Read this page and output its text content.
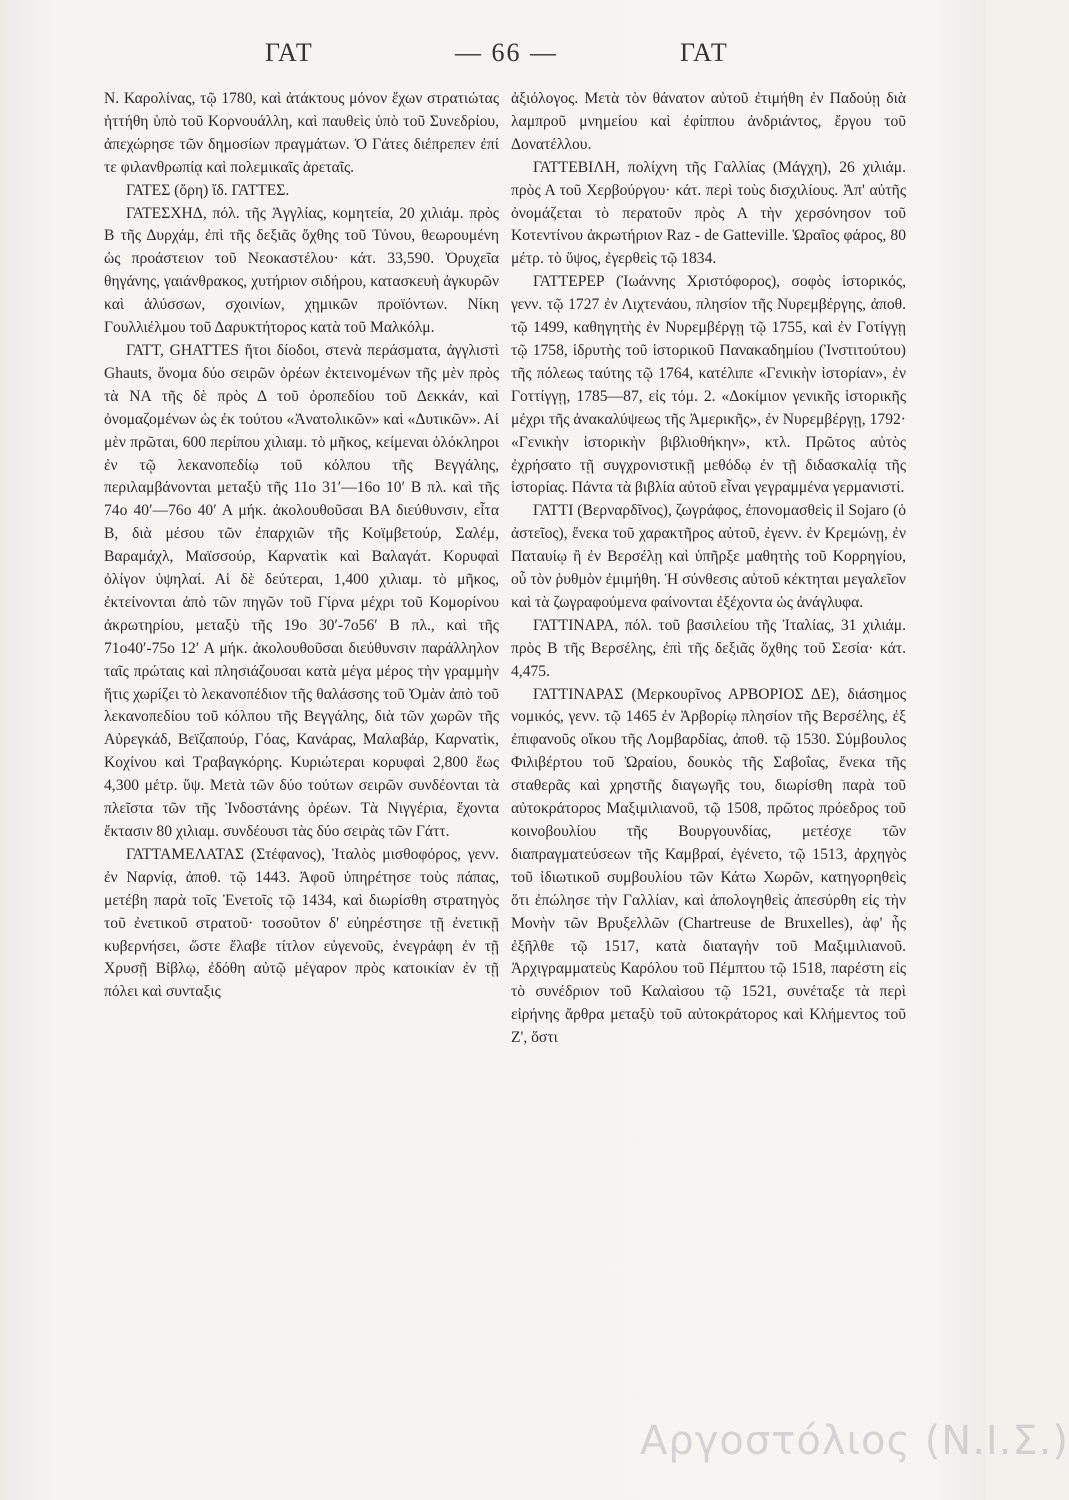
ΓΑΤ	— 66 —	ΓΑΤ

Ν. Καρολίνας, τῷ 1780, καὶ ἀτάκτους μόνον ἔχων στρατιώτας ἡττήθη ὑπὸ τοῦ Κορνουάλλη, καὶ παυθεὶς ὑπὸ τοῦ Συνεδρίου, ἀπεχώρησε τῶν δημοσίων πραγμάτων. Ὁ Γάτες διέπρεπεν ἐπί τε φιλανθρωπίᾳ καὶ πολεμικαῖς ἀρεταῖς.

ΓΑΤΕΣ (ὄρη) ἴδ. ΓΑΤΤΕΣ.

ΓΑΤΕΣΧΗΔ, πόλ. τῆς Ἀγγλίας, κομητεία, 20 χιλιάμ. πρὸς Β τῆς Δυρχάμ, ἐπὶ τῆς δεξιᾶς ὄχθης τοῦ Τύνου, θεωρουμένη ὡς προάστειον τοῦ Νεοκαστέλου· κάτ. 33,590. Ὀρυχεῖα θηγάνης, γαιάνθρακος, χυτήριον σιδήρου, κατασκευὴ ἀγκυρῶν καὶ ἁλύσσων, σχοινίων, χημικῶν προϊόντων. Νίκη Γουλλιέλμου τοῦ Δαρυκτήτορος κατὰ τοῦ Μαλκόλμ.

ΓΑΤΤ, GHATTES ἤτοι δίοδοι, στενὰ περάσματα, ἀγγλιστὶ Ghauts, ὄνομα δύο σειρῶν ὀρέων ἐκτεινομένων τῆς μὲν πρὸς τὰ ΝΑ τῆς δὲ πρὸς Δ τοῦ ὀροπεδίου τοῦ Δεκκάν, καὶ ὀνομαζομένων ὡς ἐκ τούτου «Ἀνατολικῶν» καὶ «Δυτικῶν». Αἱ μὲν πρῶται, 600 περίπου χιλιαμ. τὸ μῆκος, κείμεναι ὁλόκληροι ἐν τῷ λεκανοπεδίῳ τοῦ κόλπου τῆς Βεγγάλης, περιλαμβάνονται μεταξὺ τῆς 11ο 31′—16ο 10′ Β πλ. καὶ τῆς 74ο 40′—76ο 40′ Α μήκ. ἀκολουθοῦσαι ΒΑ διεύθυνσιν, εἶτα Β, διὰ μέσου τῶν ἐπαρχιῶν τῆς Κοϊμβετούρ, Σαλέμ, Βαραμάχλ, Μαϊσσούρ, Καρνατὶκ καὶ Βαλαγάτ. Κορυφαὶ ὀλίγον ὑψηλαί. Αἱ δὲ δεύτεραι, 1,400 χιλιαμ. τὸ μῆκος, ἐκτείνονται ἀπὸ τῶν πηγῶν τοῦ Γίρνα μέχρι τοῦ Κομορίνου ἀκρωτηρίου, μεταξὺ τῆς 19ο 30′-7ο56′ Β πλ., καὶ τῆς 71ο40′-75ο 12′ Α μήκ. ἀκολουθοῦσαι διεύθυνσιν παράλληλον ταῖς πρώταις καὶ πλησιάζουσαι κατὰ μέγα μέρος τὴν γραμμὴν ἥτις χωρίζει τὸ λεκανοπέδιον τῆς θαλάσσης τοῦ Ὀμὰν ἀπὸ τοῦ λεκανοπεδίου τοῦ κόλπου τῆς Βεγγάλης, διὰ τῶν χωρῶν τῆς Αὐρεγκάδ, Βεϊζαπούρ, Γόας, Κανάρας, Μαλαβάρ, Καρνατὶκ, Κοχίνου καὶ Τραβαγκόρης. Κυριώτεραι κορυφαὶ 2,800 ἕως 4,300 μέτρ. ὕψ. Μετὰ τῶν δύο τούτων σειρῶν συνδέονται τὰ πλεῖστα τῶν τῆς Ἰνδοστάνης ὀρέων. Τὰ Νιγγέρια, ἔχοντα ἔκτασιν 80 χιλιαμ. συνδέουσι τὰς δύο σειρὰς τῶν Γάττ.

ΓΑΤΤΑΜΕΛΑΤΑΣ (Στέφανος), Ἰταλὸς μισθοφόρος, γενν. ἐν Ναρνίᾳ, ἀποθ. τῷ 1443. Ἀφοῦ ὑπηρέτησε τοὺς πάπας, μετέβη παρὰ τοῖς Ἐνετοῖς τῷ 1434, καὶ διωρίσθη στρατηγὸς τοῦ ἐνετικοῦ στρατοῦ· τοσοῦτον δ' εὐηρέστησε τῇ ἐνετικῇ κυβερνήσει, ὥστε ἔλαβε τίτλον εὐγενοῦς, ἐνεγράφη ἐν τῇ Χρυσῇ Βίβλῳ, ἐδόθη αὐτῷ μέγαρον πρὸς κατοικίαν ἐν τῇ πόλει καὶ συνταξις

ἀξιόλογος. Μετὰ τὸν θάνατον αὐτοῦ ἐτιμήθη ἐν Παδούῃ διὰ λαμπροῦ μνημείου καὶ ἐφίππου ἀνδριάντος, ἔργου τοῦ Δονατέλλου.

ΓΑΤΤΕΒΙΛΗ, πολίχνη τῆς Γαλλίας (Μάγχη), 26 χιλιάμ. πρὸς Α τοῦ Χερβούργου· κάτ. περὶ τοὺς δισχιλίους. Ἀπ' αὐτῆς ὀνομάζεται τὸ περατοῦν πρὸς Α τὴν χερσόνησον τοῦ Κοτεντίνου ἀκρωτήριον Raz - de Gatteville. Ὡραῖος φάρος, 80 μέτρ. τὸ ὕψος, ἐγερθεὶς τῷ 1834.

ΓΑΤΤΕΡΕΡ (Ἰωάννης Χριστόφορος), σοφὸς ἱστορικός, γενν. τῷ 1727 ἐν Λιχτενάου, πλησίον τῆς Νυρεμβέργης, ἀποθ. τῷ 1499, καθηγητὴς ἐν Νυρεμβέργῃ τῷ 1755, καὶ ἐν Γοτίγγῃ τῷ 1758, ἱδρυτὴς τοῦ ἱστορικοῦ Πανακαδημίου (Ἰνστιτούτου) τῆς πόλεως ταύτης τῷ 1764, κατέλιπε «Γενικὴν ἱστορίαν», ἐν Γοττίγγῃ, 1785—87, εἰς τόμ. 2. «Δοκίμιον γενικῆς ἱστορικῆς μέχρι τῆς ἀνακαλύψεως τῆς Ἀμερικῆς», ἐν Νυρεμβέργῃ, 1792· «Γενικὴν ἱστορικὴν βιβλιοθήκην», κτλ. Πρῶτος αὐτὸς ἐχρήσατο τῇ συγχρονιστικῇ μεθόδῳ ἐν τῇ διδασκαλίᾳ τῆς ἱστορίας. Πάντα τὰ βιβλία αὐτοῦ εἶναι γεγραμμένα γερμανιστί.

ΓΑΤΤΙ (Βερναρδῖνος), ζωγράφος, ἐπονομασθεὶς il Sojaro (ὁ ἀστεῖος), ἕνεκα τοῦ χαρακτῆρος αὐτοῦ, ἐγενν. ἐν Κρεμώνῃ, ἐν Παταυίῳ ἢ ἐν Βερσέλῃ καὶ ὑπῆρξε μαθητὴς τοῦ Κορρηγίου, οὗ τὸν ῥυθμὸν ἐμιμήθη. Ἡ σύνθεσις αὐτοῦ κέκτηται μεγαλεῖον καὶ τὰ ζωγραφούμενα φαίνονται ἐξέχοντα ὡς ἀνάγλυφα.

ΓΑΤΤΙΝΑΡΑ, πόλ. τοῦ βασιλείου τῆς Ἰταλίας, 31 χιλιάμ. πρὸς Β τῆς Βερσέλης, ἐπὶ τῆς δεξιᾶς ὄχθης τοῦ Σεσία· κάτ. 4,475.

ΓΑΤΤΙΝΑΡΑΣ (Μερκουρῖνος ΑΡΒΟΡΙΟΣ ΔΕ), διάσημος νομικός, γενν. τῷ 1465 ἐν Ἀρβορίῳ πλησίον τῆς Βερσέλης, ἐξ ἐπιφανοῦς οἴκου τῆς Λομβαρδίας, ἀποθ. τῷ 1530. Σύμβουλος Φιλιβέρτου τοῦ Ὡραίου, δουκὸς τῆς Σαβοΐας, ἕνεκα τῆς σταθερᾶς καὶ χρηστῆς διαγωγῆς του, διωρίσθη παρὰ τοῦ αὐτοκράτορος Μαξιμιλιανοῦ, τῷ 1508, πρῶτος πρόεδρος τοῦ κοινοβουλίου τῆς Βουργουνδίας, μετέσχε τῶν διαπραγματεύσεων τῆς Καμβραί, ἐγένετο, τῷ 1513, ἀρχηγὸς τοῦ ἰδιωτικοῦ συμβουλίου τῶν Κάτω Χωρῶν, κατηγορηθεὶς ὅτι ἐπώλησε τὴν Γαλλίαν, καὶ ἀπολογηθεὶς ἀπεσύρθη εἰς τὴν Μονὴν τῶν Βρυξελλῶν (Chartreuse de Bruxelles), ἀφ' ἧς ἐξῆλθε τῷ 1517, κατὰ διαταγὴν τοῦ Μαξιμιλιανοῦ. Ἀρχιγραμματεὺς Καρόλου τοῦ Πέμπτου τῷ 1518, παρέστη εἰς τὸ συνέδριον τοῦ Καλαὶσου τῷ 1521, συνέταξε τὰ περὶ εἰρήνης ἄρθρα μεταξὺ τοῦ αὐτοκράτορος καὶ Κλήμεντος τοῦ Ζ', ὅστι

Αργοστόλιος (Ν.Ι.Σ.)
